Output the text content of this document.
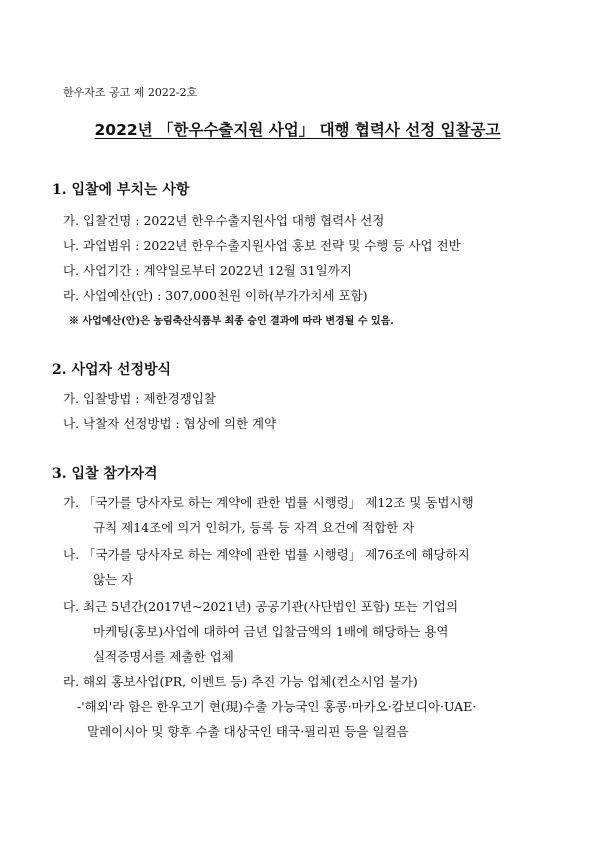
한우자조 공고 제 2022-2호
2022년 「한우수출지원 사업」 대행 협력사 선정 입찰공고
1. 입찰에 부치는 사항
가. 입찰건명 : 2022년 한우수출지원사업 대행 협력사 선정
나. 과업범위 : 2022년 한우수출지원사업 홍보 전략 및 수행 등 사업 전반
다. 사업기간 : 계약일로부터 2022년 12월 31일까지
라. 사업예산(안) : 307,000천원 이하(부가가치세 포함)
※ 사업예산(안)은 농림축산식품부 최종 승인 결과에 따라 변경될 수 있음.
2. 사업자 선정방식
가. 입찰방법 : 제한경쟁입찰
나. 낙찰자 선정방법 : 협상에 의한 계약
3. 입찰 참가자격
가. 「국가를 당사자로 하는 계약에 관한 법률 시행령」 제12조 및 동법시행
규칙 제14조에 의거 인허가, 등록 등 자격 요건에 적합한 자
나. 「국가를 당사자로 하는 계약에 관한 법률 시행령」 제76조에 해당하지
않는 자
다. 최근 5년간(2017년~2021년) 공공기관(사단법인 포함) 또는 기업의
마케팅(홍보)사업에 대하여 금년 입찰금액의 1배에 해당하는 용역
실적증명서를 제출한 업체
라. 해외 홍보사업(PR, 이벤트 등) 추진 가능 업체(컨소시엄 불가)
-'해외'라 함은 한우고기 현(現)수출 가능국인 홍콩·마카오·캄보디아·UAE·
말레이시아 및 향후 수출 대상국인 태국·필리핀 등을 일컬음
